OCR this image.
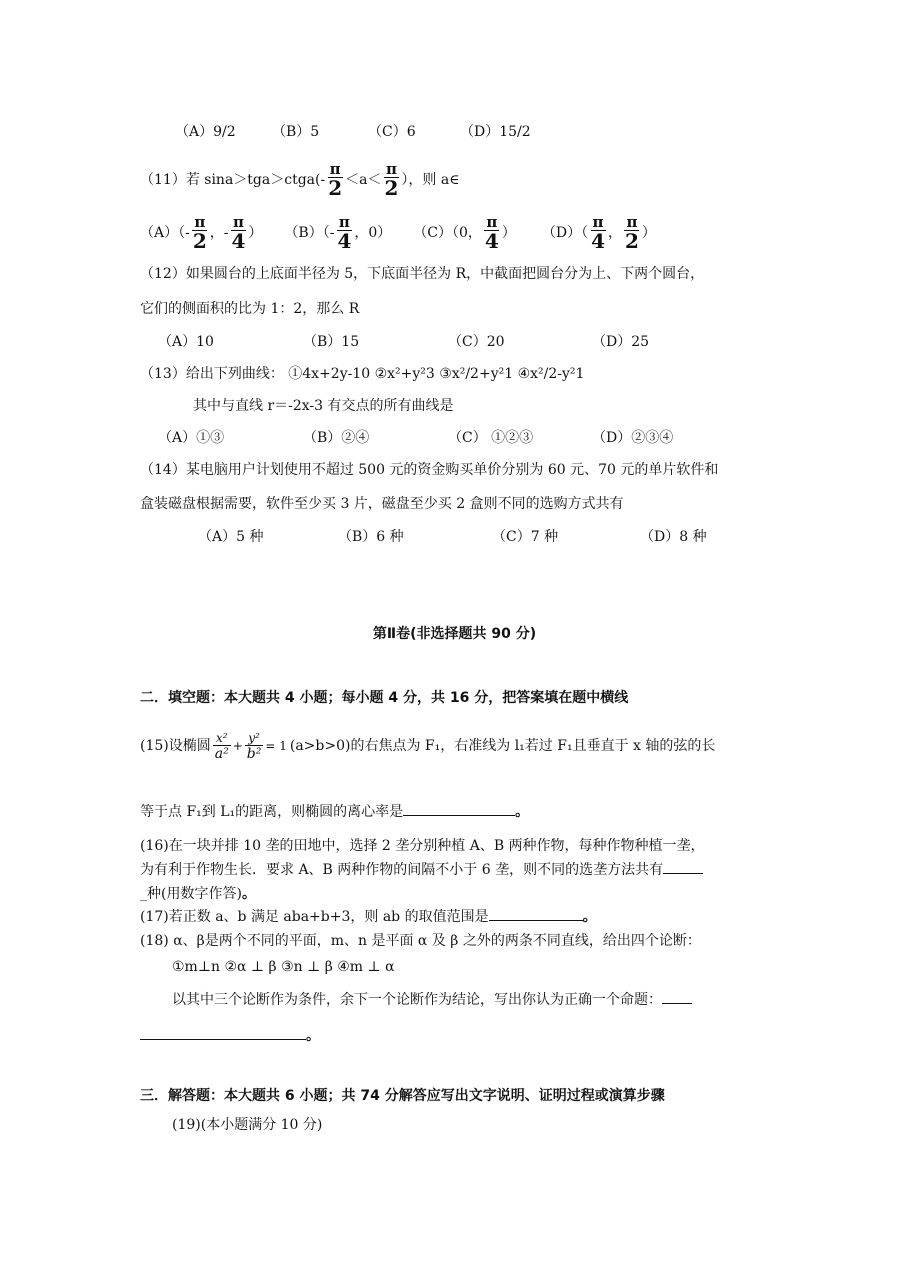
（A）9/2	（B）5	（C）6	（D）15/2
（11）若 sina＞tga＞ctga(- $\frac{\pi}{2} <a< \frac{\pi}{2}$ ），则 a∈
$(A)(- \frac{\pi}{2}$ ，- $\frac{\pi}{4}$ ） $(B)(- \frac{\pi}{4}$ ，0） （C）（0， $\frac{\pi}{4}$ ） $(D)( \frac{\pi}{4}$ ， $\frac{\pi}{2}$ ）
（12）如果圆台的上底面半径为 5，下底面半径为 R，中截面把圆台分为上、下两个圆台，
它们的侧面积的比为 1：2，那么 R
（A）10	（B）15	（C）20	（D）25
（13）给出下列曲线： ①4x+2y-10 ②x²+y²3 ③x²/2+y²1 ④x²/2-y²1
其中与直线 r＝-2x-3 有交点的所有曲线是
（A）①③	（B）②④	（C） ①②③	（D）②③④
（14）某电脑用户计划使用不超过 500 元的资金购买单价分别为 60 元、70 元的单片软件和
盒装磁盘根据需要，软件至少买 3 片，磁盘至少买 2 盒则不同的选购方式共有
（A）5 种	（B）6 种	（C）7 种	（D）8 种
第Ⅱ卷(非选择题共 90 分)
二．填空题：本大题共 4 小题；每小题 4 分，共 16 分，把答案填在题中横线
(15)设椭圆 $\frac{\text{x²}}{\text{a²}} + \frac{\text{y²}}{\text{b²}} = 1$ (a>b>0)的右焦点为 F₁，右准线为 l₁若过 F₁且垂直于 x 轴的弦的长
等于点 F₁到 L₁的距离，则椭圆的离心率是	。
(16)在一块并排 10 垄的田地中，选择 2 垄分别种植 A、B 两种作物，每种作物种植一垄，
为有利于作物生长．要求 A、B 两种作物的间隔不小于 6 垄，则不同的选垄方法共有
_种(用数字作答)。
(17)若正数 a、b 满足 aba+b+3，则 ab 的取值范围是	。
(18) α、β是两个不同的平面，m、n 是平面 α 及 β 之外的两条不同直线，给出四个论断：
①m⊥n ②α ⊥ β ③n ⊥ β ④m ⊥ α
以其中三个论断作为条件，余下一个论断作为结论，写出你认为正确一个命题：
。
三．解答题：本大题共 6 小题；共 74 分解答应写出文字说明、证明过程或演算步骤
(19)(本小题满分 10 分)
